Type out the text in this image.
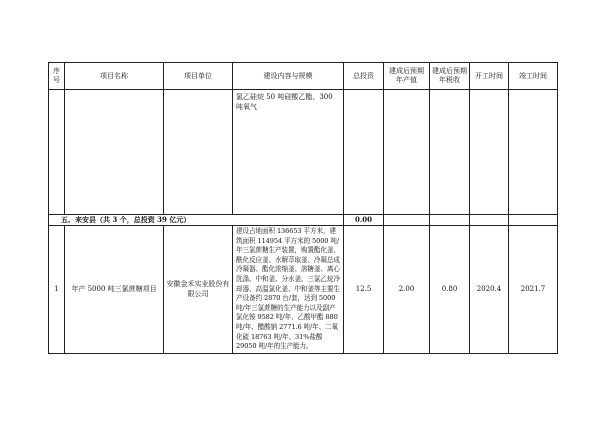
序号	项目名称	项目单位	建设内容与规模	总投资	建成后预期年产值	建成后预期年税收	开工时间	竣工时间
			氯乙硅烷 50 吨硅酸乙酯、300 吨氧气					
五、来安县（共 3 个，总投资 39 亿元）				0.00				
1	年产 5000 吨三氯蔗糖项目	安徽金禾实业股份有限公司	建设占地面积 136653 平方米，建筑面积 114954 平方米的 5000 吨/年三氯蔗糖生产装置，购置酯化釜、酰化反应釜、水解萃取釜、冷凝总成冷凝器、酯化浓缩釜、溶糖釜、离心洗涤、中和釜、分水釜、三氯乙烷冷却器、高温氯化釜、中和釜等主要生产设备约 2870 台/套，达到 5000 吨/年三氯蔗糖的生产能力以及副产氯化铵 9582 吨/年、乙酸甲酯 880 吨/年、醋酸钠 2771.6 吨/年、二氧化硫 18763 吨/年、31%盐酸 29050 吨/年的生产能力。	12.5	2.00	0.80	2020.4	2021.7
